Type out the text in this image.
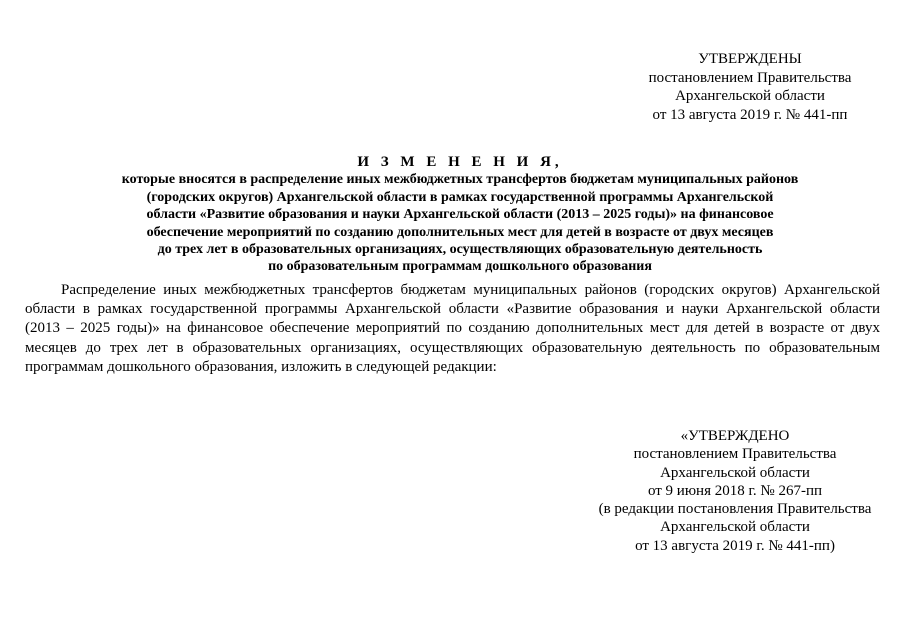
УТВЕРЖДЕНЫ
постановлением Правительства
Архангельской области
от 13 августа 2019 г. № 441-пп
И З М Е Н Е Н И Я,
которые вносятся в распределение иных межбюджетных трансфертов бюджетам муниципальных районов
(городских округов) Архангельской области в рамках государственной программы Архангельской
области «Развитие образования и науки Архангельской области (2013 – 2025 годы)» на финансовое
обеспечение мероприятий по созданию дополнительных мест для детей в возрасте от двух месяцев
до трех лет в образовательных организациях, осуществляющих образовательную деятельность
по образовательным программам дошкольного образования
Распределение иных межбюджетных трансфертов бюджетам муниципальных районов (городских округов) Архангельской
области в рамках государственной программы Архангельской области «Развитие образования и науки Архангельской области
(2013 – 2025 годы)» на финансовое обеспечение мероприятий по созданию дополнительных мест для детей в возрасте от двух
месяцев до трех лет в образовательных организациях, осуществляющих образовательную деятельность по образовательным
программам дошкольного образования, изложить в следующей редакции:
«УТВЕРЖДЕНО
постановлением Правительства
Архангельской области
от 9 июня 2018 г. № 267-пп
(в редакции постановления Правительства
Архангельской области
от 13 августа 2019 г. № 441-пп)
